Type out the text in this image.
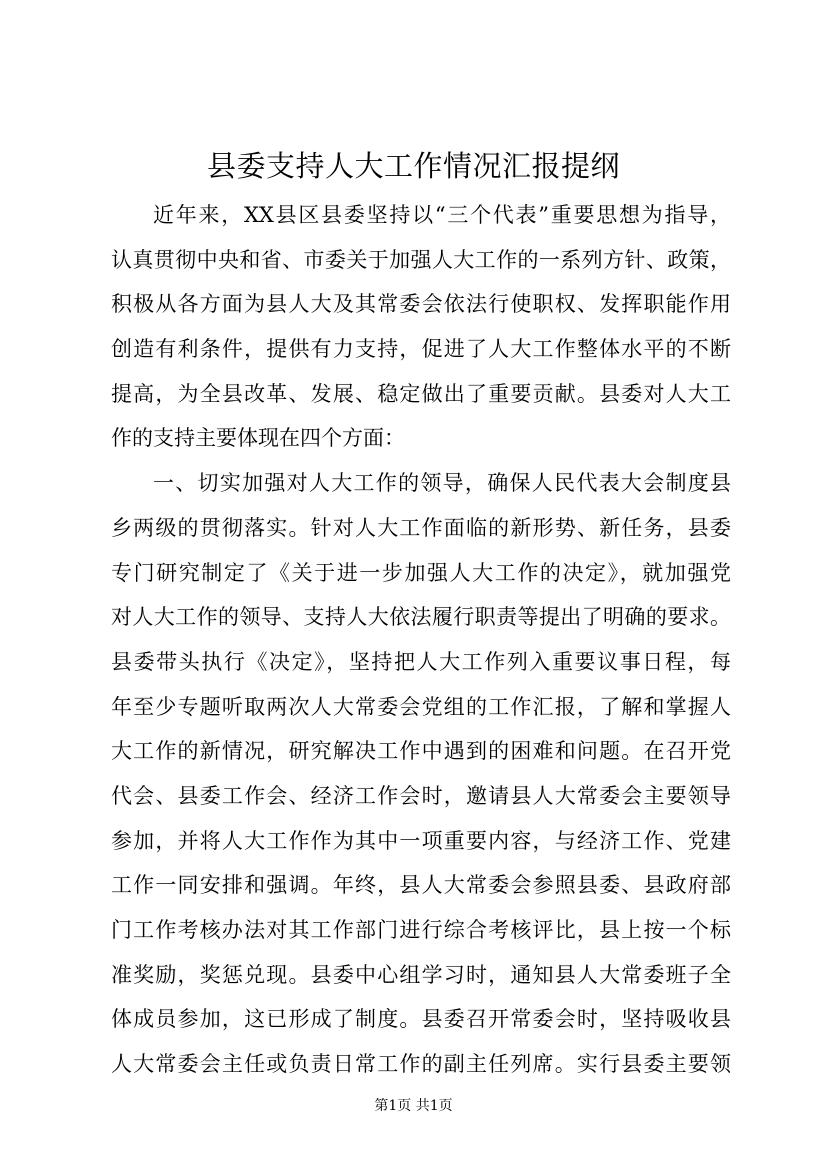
县委支持人大工作情况汇报提纲
近年来，XX县区县委坚持以“三个代表”重要思想为指导，
认真贯彻中央和省、市委关于加强人大工作的一系列方针、政策，
积极从各方面为县人大及其常委会依法行使职权、发挥职能作用
创造有利条件，提供有力支持，促进了人大工作整体水平的不断
提高，为全县改革、发展、稳定做出了重要贡献。县委对人大工
作的支持主要体现在四个方面：
一、切实加强对人大工作的领导，确保人民代表大会制度县
乡两级的贯彻落实。针对人大工作面临的新形势、新任务，县委
专门研究制定了《关于进一步加强人大工作的决定》，就加强党
对人大工作的领导、支持人大依法履行职责等提出了明确的要求。
县委带头执行《决定》，坚持把人大工作列入重要议事日程，每
年至少专题听取两次人大常委会党组的工作汇报，了解和掌握人
大工作的新情况，研究解决工作中遇到的困难和问题。在召开党
代会、县委工作会、经济工作会时，邀请县人大常委会主要领导
参加，并将人大工作作为其中一项重要内容，与经济工作、党建
工作一同安排和强调。年终，县人大常委会参照县委、县政府部
门工作考核办法对其工作部门进行综合考核评比，县上按一个标
准奖励，奖惩兑现。县委中心组学习时，通知县人大常委班子全
体成员参加，这已形成了制度。县委召开常委会时，坚持吸收县
人大常委会主任或负责日常工作的副主任列席。实行县委主要领
第1页 共1页
